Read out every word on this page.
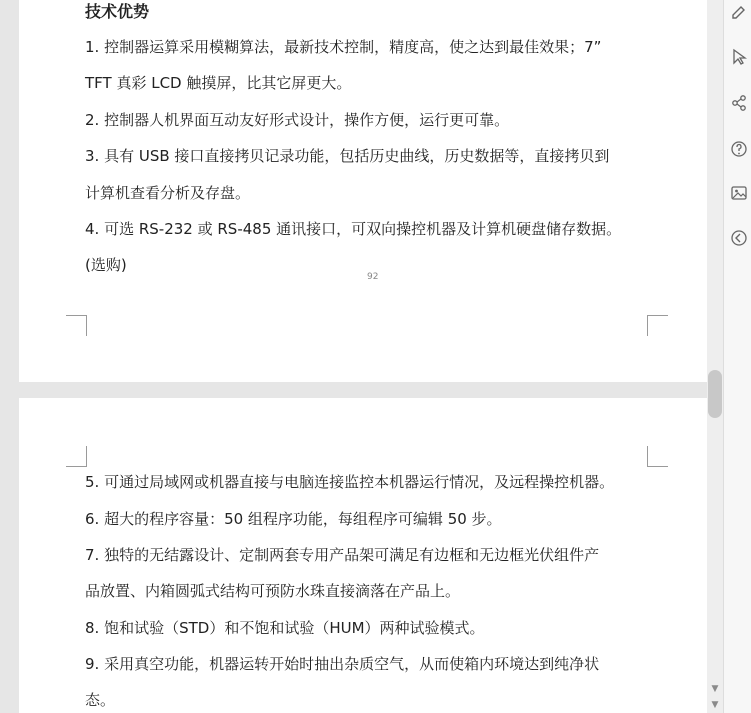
技术优势
1. 控制器运算采用模糊算法，最新技术控制，精度高，使之达到最佳效果；7”
TFT 真彩 LCD 触摸屏，比其它屏更大。
2. 控制器人机界面互动友好形式设计，操作方便，运行更可靠。
3. 具有 USB 接口直接拷贝记录功能，包括历史曲线，历史数据等，直接拷贝到
计算机查看分析及存盘。
4. 可选 RS-232 或 RS-485 通讯接口，可双向操控机器及计算机硬盘储存数据。
(选购)
92
5. 可通过局域网或机器直接与电脑连接监控本机器运行情况，及远程操控机器。
6. 超大的程序容量：50 组程序功能，每组程序可编辑 50 步。
7. 独特的无结露设计、定制两套专用产品架可满足有边框和无边框光伏组件产
品放置、内箱圆弧式结构可预防水珠直接滴落在产品上。
8. 饱和试验（STD）和不饱和试验（HUM）两种试验模式。
9. 采用真空功能，机器运转开始时抽出杂质空气，从而使箱内环境达到纯净状
态。
▼
▼
